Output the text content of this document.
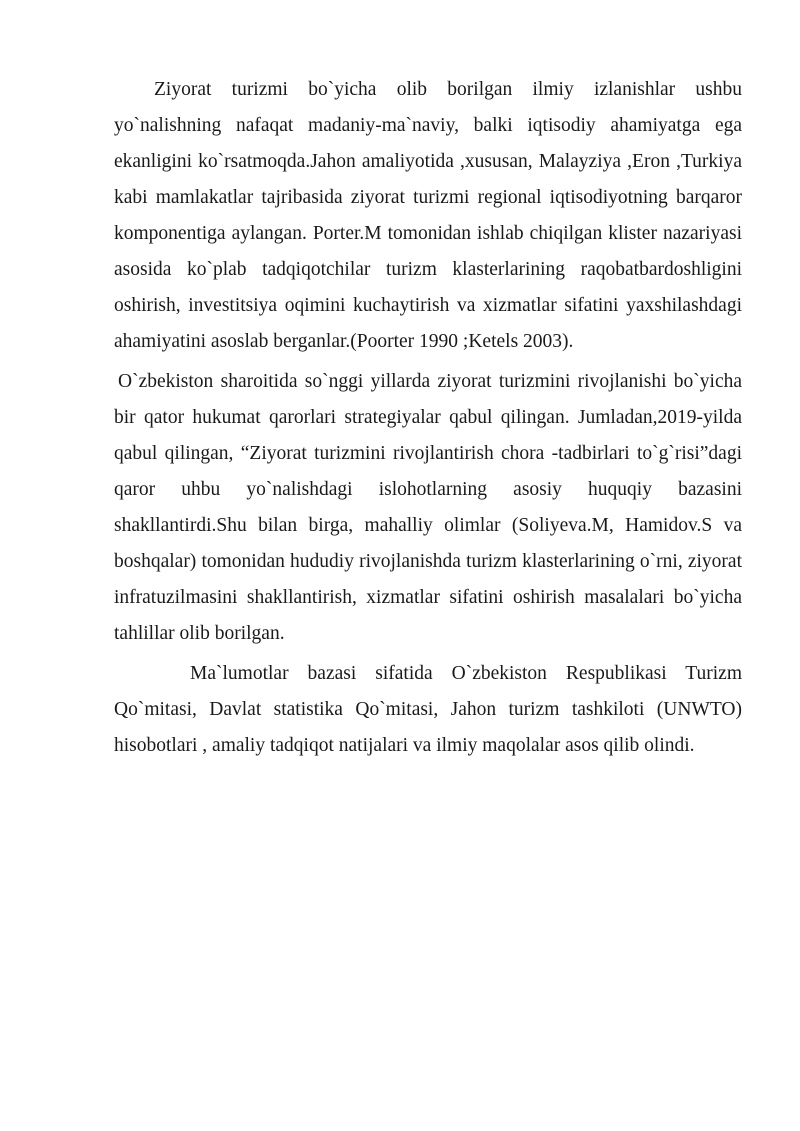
Ziyorat turizmi bo`yicha olib borilgan ilmiy izlanishlar ushbu yo`nalishning nafaqat madaniy-ma`naviy, balki iqtisodiy ahamiyatga ega ekanligini ko`rsatmoqda.Jahon amaliyotida ,xususan, Malayziya ,Eron ,Turkiya kabi mamlakatlar tajribasida ziyorat turizmi regional iqtisodiyotning barqaror komponentiga aylangan. Porter.M tomonidan ishlab chiqilgan klister nazariyasi asosida ko`plab tadqiqotchilar turizm klasterlarining raqobatbardoshligini oshirish, investitsiya oqimini kuchaytirish va xizmatlar sifatini yaxshilashdagi ahamiyatini asoslab berganlar.(Poorter 1990 ;Ketels 2003).

O`zbekiston sharoitida so`nggi yillarda ziyorat turizmini rivojlanishi bo`yicha bir qator hukumat qarorlari strategiyalar qabul qilingan. Jumladan,2019-yilda qabul qilingan, “Ziyorat turizmini rivojlantirish chora -tadbirlari to`g`risi”dagi qaror uhbu yo`nalishdagi islohotlarning asosiy huquqiy bazasini shakllantirdi.Shu bilan birga, mahalliy olimlar (Soliyeva.M, Hamidov.S va boshqalar) tomonidan hududiy rivojlanishda turizm klasterlarining o`rni, ziyorat infratuzilmasini shakllantirish, xizmatlar sifatini oshirish masalalari bo`yicha tahlillar olib borilgan.

Ma`lumotlar bazasi sifatida O`zbekiston Respublikasi Turizm Qo`mitasi, Davlat statistika Qo`mitasi, Jahon turizm tashkiloti (UNWTO) hisobotlari , amaliy tadqiqot natijalari va ilmiy maqolalar asos qilib olindi.
